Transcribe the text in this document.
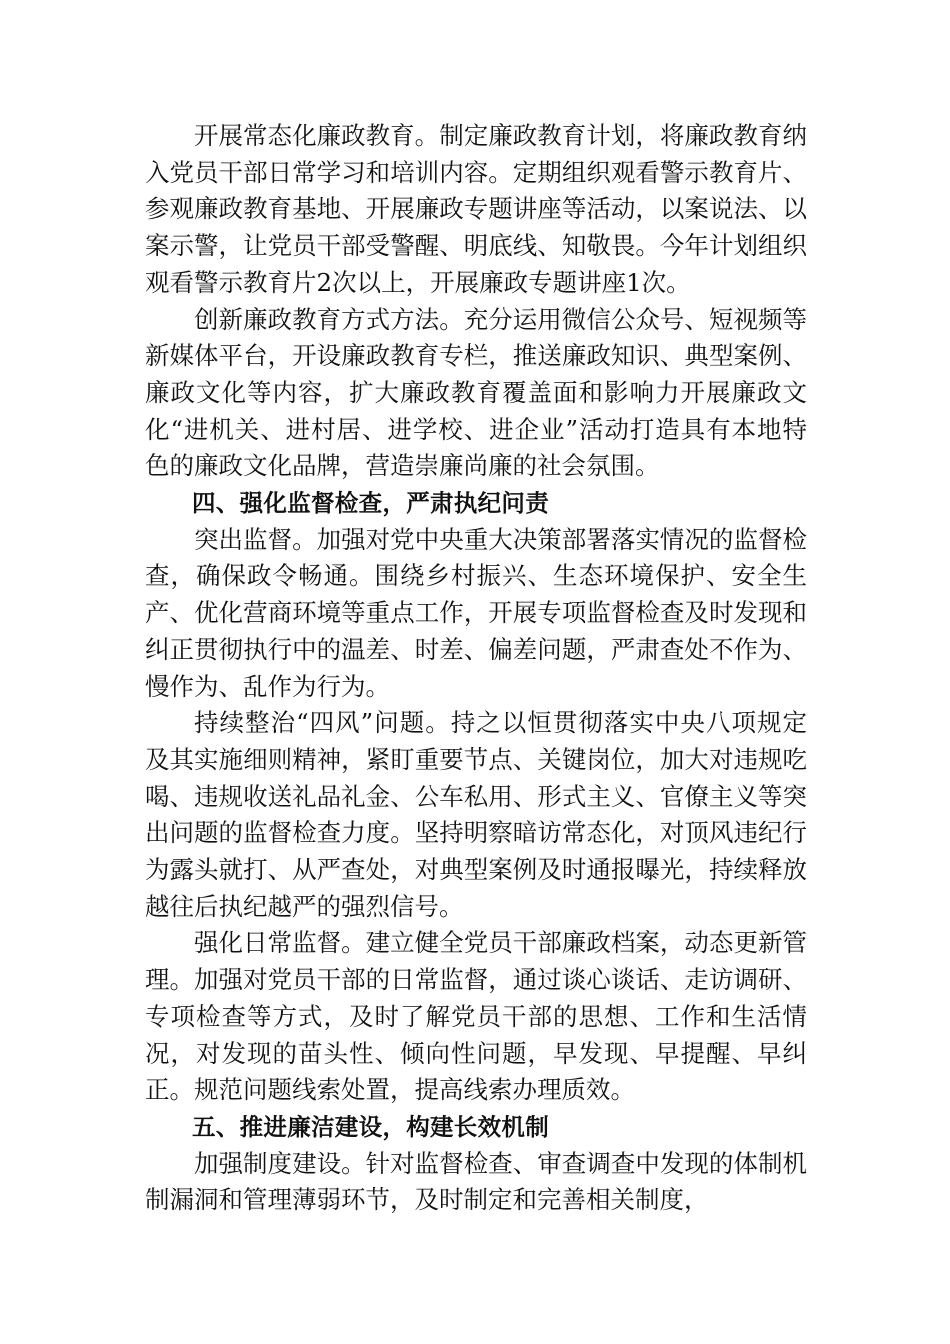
开展常态化廉政教育。制定廉政教育计划，将廉政教育纳入党员干部日常学习和培训内容。定期组织观看警示教育片、参观廉政教育基地、开展廉政专题讲座等活动，以案说法、以案示警，让党员干部受警醒、明底线、知敬畏。今年计划组织观看警示教育片2次以上，开展廉政专题讲座1次。

创新廉政教育方式方法。充分运用微信公众号、短视频等新媒体平台，开设廉政教育专栏，推送廉政知识、典型案例、廉政文化等内容，扩大廉政教育覆盖面和影响力开展廉政文化“进机关、进村居、进学校、进企业”活动打造具有本地特色的廉政文化品牌，营造崇廉尚廉的社会氛围。

四、强化监督检查，严肃执纪问责

突出监督。加强对党中央重大决策部署落实情况的监督检查，确保政令畅通。围绕乡村振兴、生态环境保护、安全生产、优化营商环境等重点工作，开展专项监督检查及时发现和纠正贯彻执行中的温差、时差、偏差问题，严肃查处不作为、慢作为、乱作为行为。

持续整治“四风”问题。持之以恒贯彻落实中央八项规定及其实施细则精神，紧盯重要节点、关键岗位，加大对违规吃喝、违规收送礼品礼金、公车私用、形式主义、官僚主义等突出问题的监督检查力度。坚持明察暗访常态化，对顶风违纪行为露头就打、从严查处，对典型案例及时通报曝光，持续释放越往后执纪越严的强烈信号。

强化日常监督。建立健全党员干部廉政档案，动态更新管理。加强对党员干部的日常监督，通过谈心谈话、走访调研、专项检查等方式，及时了解党员干部的思想、工作和生活情况，对发现的苗头性、倾向性问题，早发现、早提醒、早纠正。规范问题线索处置，提高线索办理质效。

五、推进廉洁建设，构建长效机制

加强制度建设。针对监督检查、审查调查中发现的体制机制漏洞和管理薄弱环节，及时制定和完善相关制度，
